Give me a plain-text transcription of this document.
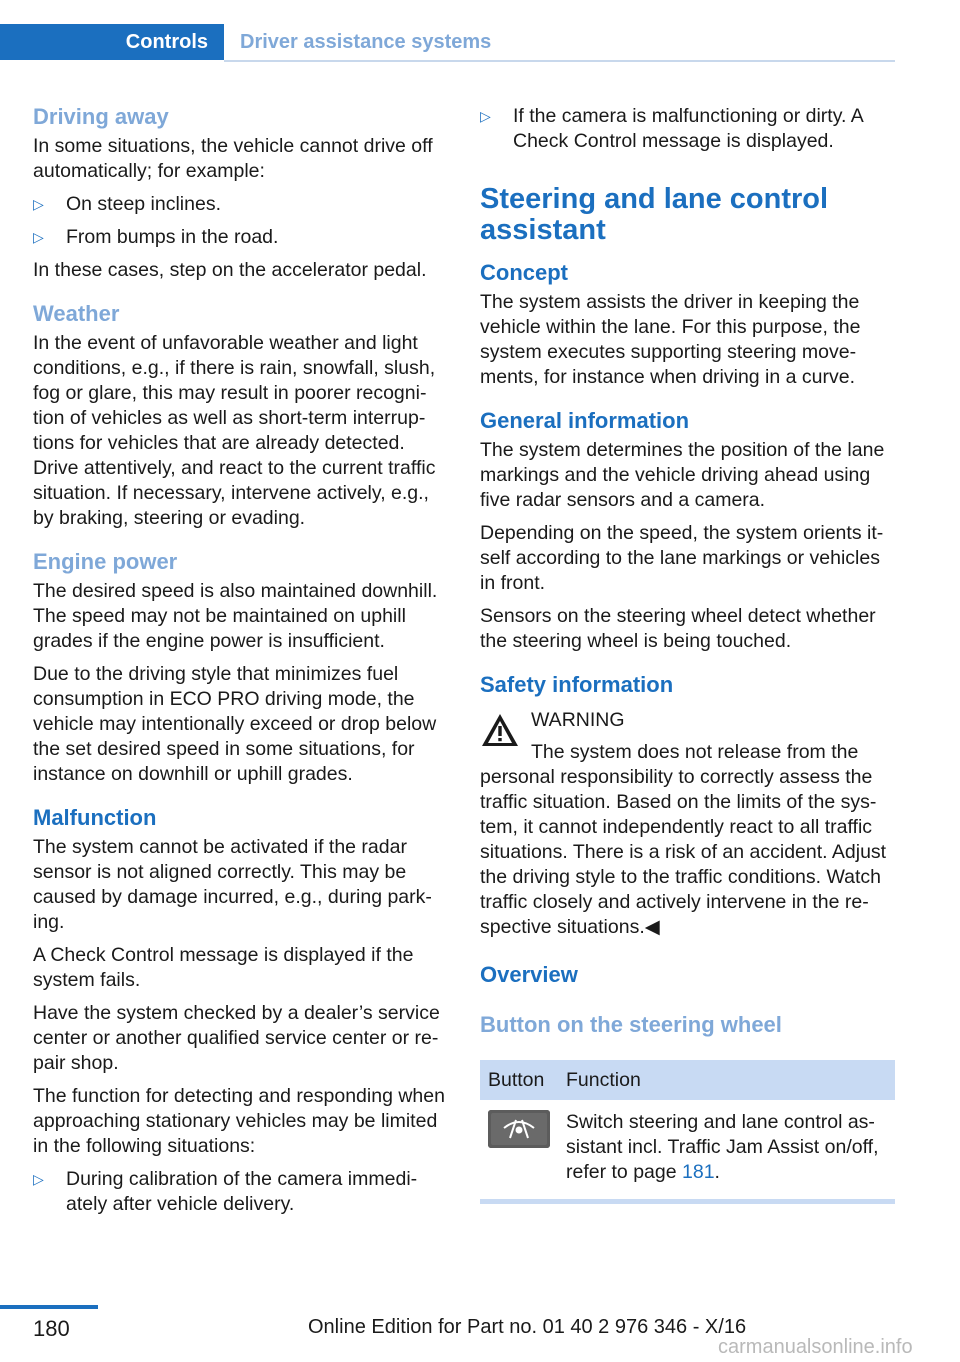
Controls	Driver assistance systems
Driving away

In some situations, the vehicle cannot drive off automatically; for example:

▷ On steep inclines.
▷ From bumps in the road.

In these cases, step on the accelerator pedal.

Weather

In the event of unfavorable weather and light conditions, e.g., if there is rain, snowfall, slush, fog or glare, this may result in poorer recognition of vehicles as well as short-term interruptions for vehicles that are already detected. Drive attentively, and react to the current traffic situation. If necessary, intervene actively, e.g., by braking, steering or evading.

Engine power

The desired speed is also maintained downhill. The speed may not be maintained on uphill grades if the engine power is insufficient.

Due to the driving style that minimizes fuel consumption in ECO PRO driving mode, the vehicle may intentionally exceed or drop below the set desired speed in some situations, for instance on downhill or uphill grades.

Malfunction

The system cannot be activated if the radar sensor is not aligned correctly. This may be caused by damage incurred, e.g., during parking.

A Check Control message is displayed if the system fails.

Have the system checked by a dealer’s service center or another qualified service center or repair shop.

The function for detecting and responding when approaching stationary vehicles may be limited in the following situations:

▷ During calibration of the camera immediately after vehicle delivery.
▷ If the camera is malfunctioning or dirty. A Check Control message is displayed.
Steering and lane control assistant
Concept

The system assists the driver in keeping the vehicle within the lane. For this purpose, the system executes supporting steering movements, for instance when driving in a curve.

General information

The system determines the position of the lane markings and the vehicle driving ahead using five radar sensors and a camera.

Depending on the speed, the system orients itself according to the lane markings or vehicles in front.

Sensors on the steering wheel detect whether the steering wheel is being touched.

Safety information
WARNING
The system does not release from the

personal responsibility to correctly assess the traffic situation. Based on the limits of the system, it cannot independently react to all traffic situations. There is a risk of an accident. Adjust the driving style to the traffic conditions. Watch traffic closely and actively intervene in the respective situations.◀

Overview
Button on the steering wheel
Button	Function

	Switch steering and lane control assistant incl. Traffic Jam Assist on/off, refer to page 181.
180	Online Edition for Part no. 01 40 2 976 346 - X/16
carmanualsonline.info
